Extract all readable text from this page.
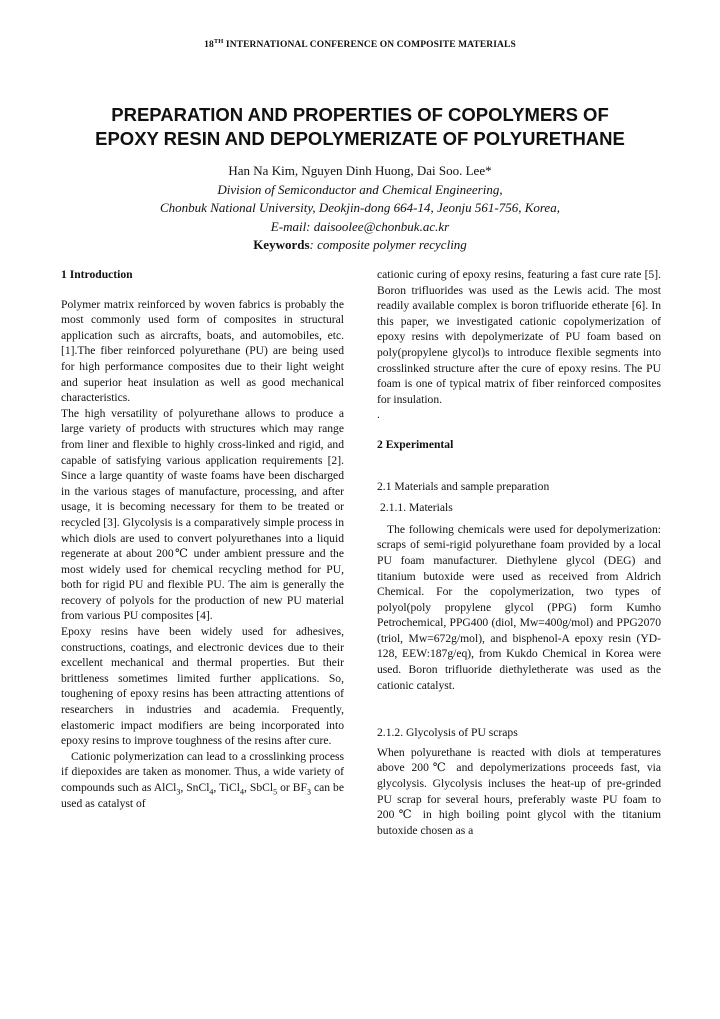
18TH INTERNATIONAL CONFERENCE ON COMPOSITE MATERIALS
PREPARATION AND PROPERTIES OF COPOLYMERS OF
EPOXY RESIN AND DEPOLYMERIZATE OF POLYURETHANE
Han Na Kim, Nguyen Dinh Huong, Dai Soo. Lee*
Division of Semiconductor and Chemical Engineering,
Chonbuk National University, Deokjin-dong 664-14, Jeonju 561-756, Korea,
E-mail: daisoolee@chonbuk.ac.kr
Keywords: composite polymer recycling

1 Introduction

Polymer matrix reinforced by woven fabrics is probably the most commonly used form of composites in structural application such as aircrafts, boats, and automobiles, etc. [1].The fiber reinforced polyurethane (PU) are being used for high performance composites due to their light weight and superior heat insulation as well as good mechanical characteristics.

The high versatility of polyurethane allows to produce a large variety of products with structures which may range from liner and flexible to highly cross-linked and rigid, and capable of satisfying various application requirements [2]. Since a large quantity of waste foams have been discharged in the various stages of manufacture, processing, and after usage, it is becoming necessary for them to be treated or recycled [3]. Glycolysis is a comparatively simple process in which diols are used to convert polyurethanes into a liquid regenerate at about 200℃ under ambient pressure and the most widely used for chemical recycling method for PU, both for rigid PU and flexible PU. The aim is generally the recovery of polyols for the production of new PU material from various PU composites [4].

Epoxy resins have been widely used for adhesives, constructions, coatings, and electronic devices due to their excellent mechanical and thermal properties. But their brittleness sometimes limited further applications. So, toughening of epoxy resins has been attracting attentions of researchers in industries and academia. Frequently, elastomeric impact modifiers are being incorporated into epoxy resins to improve toughness of the resins after cure.

Cationic polymerization can lead to a crosslinking process if diepoxides are taken as monomer. Thus, a wide variety of compounds such as AlCl$_3$, SnCl$_4$, TiCl$_4$, SbCl$_5$ or $BF_3$ can be used as catalyst of

cationic curing of epoxy resins, featuring a fast cure rate [5]. Boron trifluorides was used as the Lewis acid. The most readily available complex is boron trifluoride etherate [6]. In this paper, we investigated cationic copolymerization of epoxy resins with depolymerizate of PU foam based on poly(propylene glycol)s to introduce flexible segments into crosslinked structure after the cure of epoxy resins. The PU foam is one of typical matrix of fiber reinforced composites for insulation.

.

2 Experimental

2.1 Materials and sample preparation

2.1.1. Materials

The following chemicals were used for depolymerization: scraps of semi-rigid polyurethane foam provided by a local PU foam manufacturer. Diethylene glycol (DEG) and titanium butoxide were used as received from Aldrich Chemical. For the copolymerization, two types of polyol(poly propylene glycol (PPG) form Kumho Petrochemical, PPG400 (diol, Mw=400g/mol) and PPG2070 (triol, Mw=672g/mol), and bisphenol-A epoxy resin (YD-128, EEW:187g/eq), from Kukdo Chemical in Korea were used. Boron trifluoride diethyletherate was used as the cationic catalyst.

2.1.2. Glycolysis of PU scraps

When polyurethane is reacted with diols at temperatures above 200℃ and depolymerizations proceeds fast, via glycolysis. Glycolysis incluses the heat-up of pre-grinded PU scrap for several hours, preferably waste PU foam to 200℃ in high boiling point glycol with the titanium butoxide chosen as a
